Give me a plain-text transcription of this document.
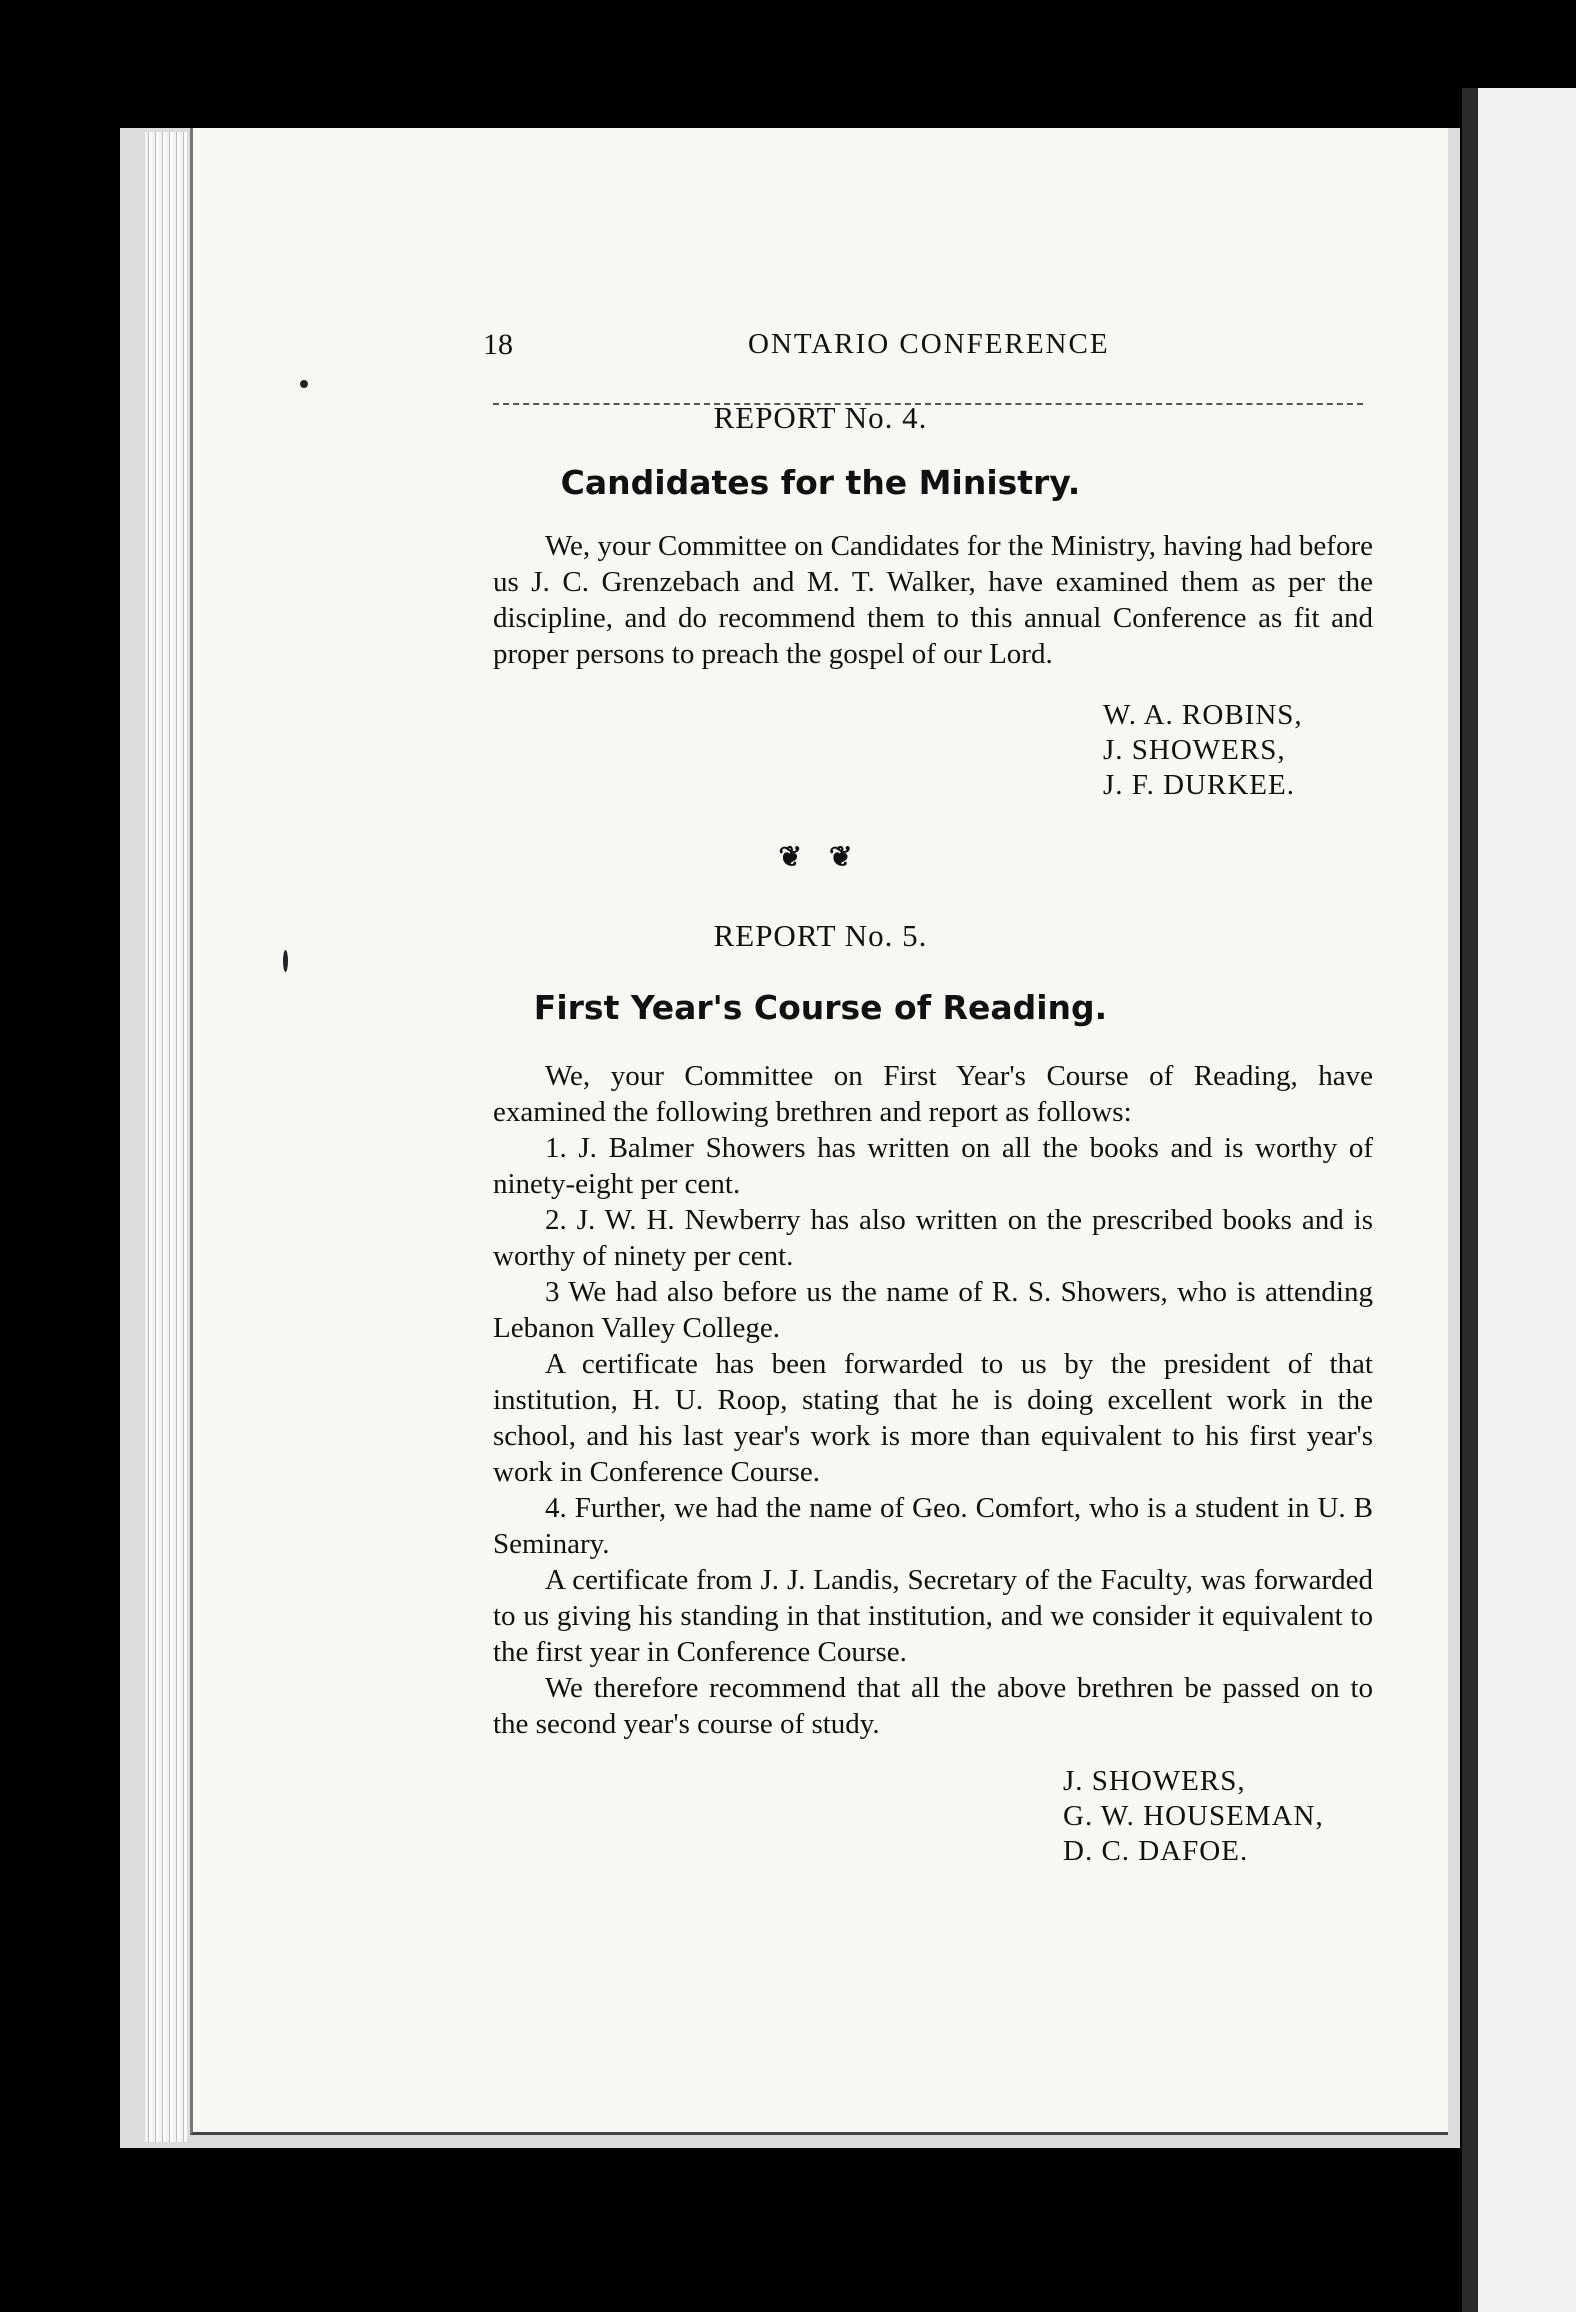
18	ONTARIO CONFERENCE
REPORT No. 4.
Candidates for the Ministry.

We, your Committee on Candidates for the Ministry, having had before us J. C. Grenzebach and M. T. Walker, have examined them as per the discipline, and do recommend them to this annual Conference as fit and proper persons to preach the gospel of our Lord.

W. A. ROBINS,
J. SHOWERS,
J. F. DURKEE.
❦ ❦
REPORT No. 5.
First Year's Course of Reading.

We, your Committee on First Year's Course of Reading, have examined the following brethren and report as follows:

1. J. Balmer Showers has written on all the books and is worthy of ninety-eight per cent.

2. J. W. H. Newberry has also written on the prescribed books and is worthy of ninety per cent.

3 We had also before us the name of R. S. Showers, who is attending Lebanon Valley College.

A certificate has been forwarded to us by the president of that institution, H. U. Roop, stating that he is doing excellent work in the school, and his last year's work is more than equivalent to his first year's work in Conference Course.

4. Further, we had the name of Geo. Comfort, who is a student in U. B Seminary.

A certificate from J. J. Landis, Secretary of the Faculty, was forwarded to us giving his standing in that institution, and we consider it equivalent to the first year in Conference Course.

We therefore recommend that all the above brethren be passed on to the second year's course of study.

J. SHOWERS,
G. W. HOUSEMAN,
D. C. DAFOE.
